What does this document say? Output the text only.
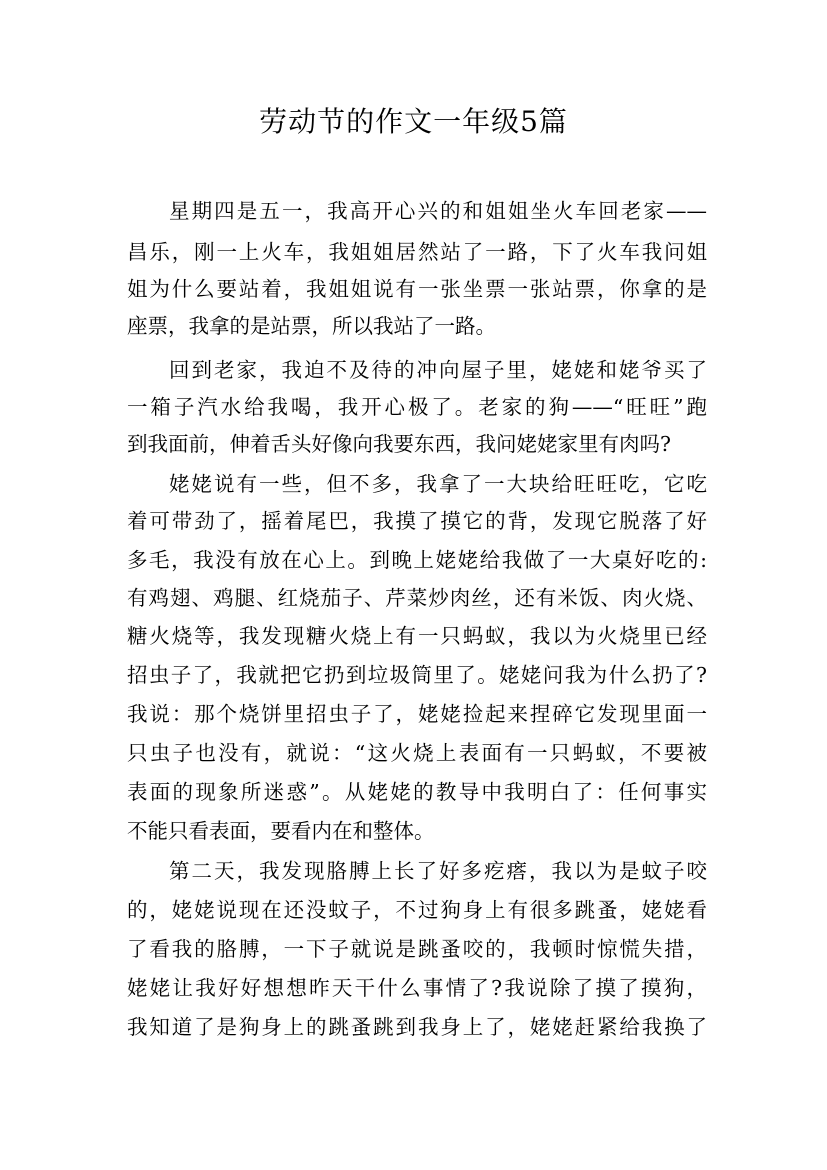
劳动节的作文一年级5篇

星期四是五一，我高开心兴的和姐姐坐火车回老家——

昌乐，刚一上火车，我姐姐居然站了一路，下了火车我问姐

姐为什么要站着，我姐姐说有一张坐票一张站票，你拿的是

座票，我拿的是站票，所以我站了一路。

回到老家，我迫不及待的冲向屋子里，姥姥和姥爷买了

一箱子汽水给我喝，我开心极了。老家的狗——“旺旺”跑

到我面前，伸着舌头好像向我要东西，我问姥姥家里有肉吗?

姥姥说有一些，但不多，我拿了一大块给旺旺吃，它吃

着可带劲了，摇着尾巴，我摸了摸它的背，发现它脱落了好

多毛，我没有放在心上。到晚上姥姥给我做了一大桌好吃的:

有鸡翅、鸡腿、红烧茄子、芹菜炒肉丝，还有米饭、肉火烧、

糖火烧等，我发现糖火烧上有一只蚂蚁，我以为火烧里已经

招虫子了，我就把它扔到垃圾筒里了。姥姥问我为什么扔了?

我说：那个烧饼里招虫子了，姥姥捡起来捏碎它发现里面一

只虫子也没有，就说：“这火烧上表面有一只蚂蚁，不要被

表面的现象所迷惑”。从姥姥的教导中我明白了：任何事实

不能只看表面，要看内在和整体。

第二天，我发现胳膊上长了好多疙瘩，我以为是蚊子咬

的，姥姥说现在还没蚊子，不过狗身上有很多跳蚤，姥姥看

了看我的胳膊，一下子就说是跳蚤咬的，我顿时惊慌失措，

姥姥让我好好想想昨天干什么事情了?我说除了摸了摸狗，

我知道了是狗身上的跳蚤跳到我身上了，姥姥赶紧给我换了
